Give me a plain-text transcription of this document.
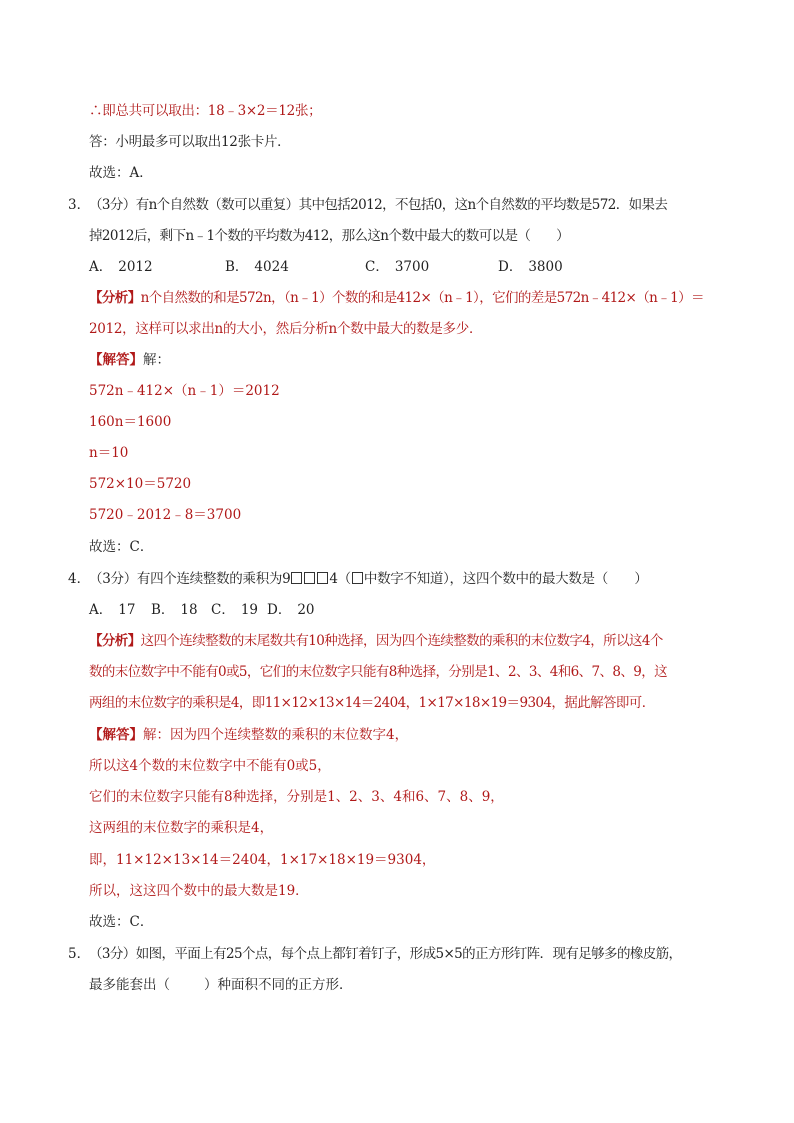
∴即总共可以取出：18﹣3×2＝12张；
答：小明最多可以取出12张卡片．
故选：A．
3．
（3分）有n个自然数（数可以重复）其中包括2012，不包括0，这n个自然数的平均数是572．如果去
掉2012后，剩下n﹣1个数的平均数为412，那么这n个数中最大的数可以是（　　）
A． 2012	B． 4024	C． 3700	D． 3800
【分析】n个自然数的和是572n，（n﹣1）个数的和是412×（n﹣1），它们的差是572n﹣412×（n﹣1）＝
2012，这样可以求出n的大小，然后分析n个数中最大的数是多少．
【解答】解：
572n﹣412×（n﹣1）＝2012
160n＝1600
n＝10
572×10＝5720
5720﹣2012﹣8＝3700
故选：C．
4．
（3分）有四个连续整数的乘积为9	4（ 中数字不知道），这四个数中的最大数是（　　）
A． 17 B． 18 C． 19 D． 20
【分析】这四个连续整数的末尾数共有10种选择，因为四个连续整数的乘积的末位数字4，所以这4个
数的末位数字中不能有0或5，它们的末位数字只能有8种选择，分别是1、2、3、4和6、7、8、9，这
两组的末位数字的乘积是4，即11×12×13×14＝2404，1×17×18×19＝9304，据此解答即可．
【解答】解：因为四个连续整数的乘积的末位数字4，
所以这4个数的末位数字中不能有0或5，
它们的末位数字只能有8种选择，分别是1、2、3、4和6、7、8、9，
这两组的末位数字的乘积是4，
即，11×12×13×14＝2404，1×17×18×19＝9304，
所以，这这四个数中的最大数是19．
故选：C．
5．
（3分）如图，平面上有25个点，每个点上都钉着钉子，形成5×5的正方形钉阵．现有足够多的橡皮筋，
最多能套出（	）种面积不同的正方形．
